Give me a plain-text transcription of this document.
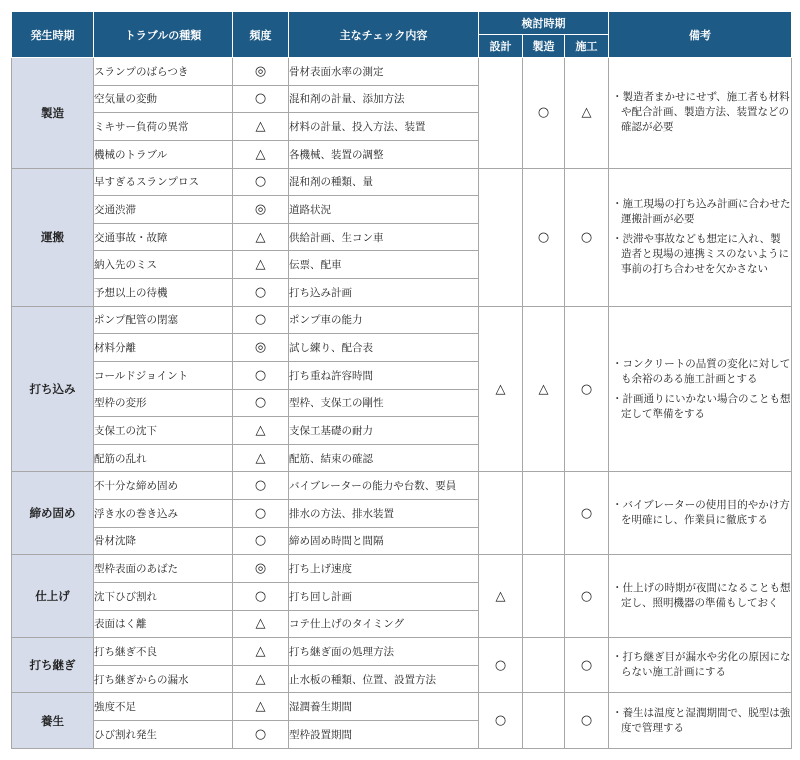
発生時期	トラブルの種類	頻度	主なチェック内容	検討時期			備考
				設計	製造	施工	
製造	スランプのばらつき	◎	骨材表面水率の測定		○	△	・ 製造者まかせにせず、施工者も材料や配合計画、製造方法、装置などの確認が必要

	空気量の変動	○	混和剤の計量、添加方法				
	ミキサー負荷の異常	△	材料の計量、投入方法、装置				
	機械のトラブル	△	各機械、装置の調整				
運搬	早すぎるスランプロス	○	混和剤の種類、量		○	○	・ 施工現場の打ち込み計画に合わせた運搬計画が必要
・ 渋滞や事故なども想定に入れ、製造者と現場の連携ミスのないように事前の打ち合わせを欠かさない

	交通渋滞	◎	道路状況				
	交通事故・故障	△	供給計画、生コン車				
	納入先のミス	△	伝票、配車				
	予想以上の待機	○	打ち込み計画				
打ち込み	ポンプ配管の閉塞	○	ポンプ車の能力	△	△	○	・ コンクリートの品質の変化に対しても余裕のある施工計画とする
・ 計画通りにいかない場合のことも想定して準備をする

	材料分離	◎	試し練り、配合表				
	コールドジョイント	○	打ち重ね許容時間				
	型枠の変形	○	型枠、支保工の剛性				
	支保工の沈下	△	支保工基礎の耐力				
	配筋の乱れ	△	配筋、結束の確認				
締め固め	不十分な締め固め	○	バイブレーターの能力や台数、要員			○	・ バイブレーターの使用目的やかけ方を明確にし、作業員に徹底する

	浮き水の巻き込み	○	排水の方法、排水装置				
	骨材沈降	○	締め固め時間と間隔				
仕上げ	型枠表面のあばた	◎	打ち上げ速度	△		○	・ 仕上げの時期が夜間になることも想定し、照明機器の準備もしておく

	沈下ひび割れ	○	打ち回し計画				
	表面はく離	△	コテ仕上げのタイミング				
打ち継ぎ	打ち継ぎ不良	△	打ち継ぎ面の処理方法	○		○	・ 打ち継ぎ目が漏水や劣化の原因にならない施工計画にする

	打ち継ぎからの漏水	△	止水板の種類、位置、設置方法				
養生	強度不足	△	湿潤養生期間	○		○	・ 養生は温度と湿潤期間で、脱型は強度で管理する

	ひび割れ発生	○	型枠設置期間				
